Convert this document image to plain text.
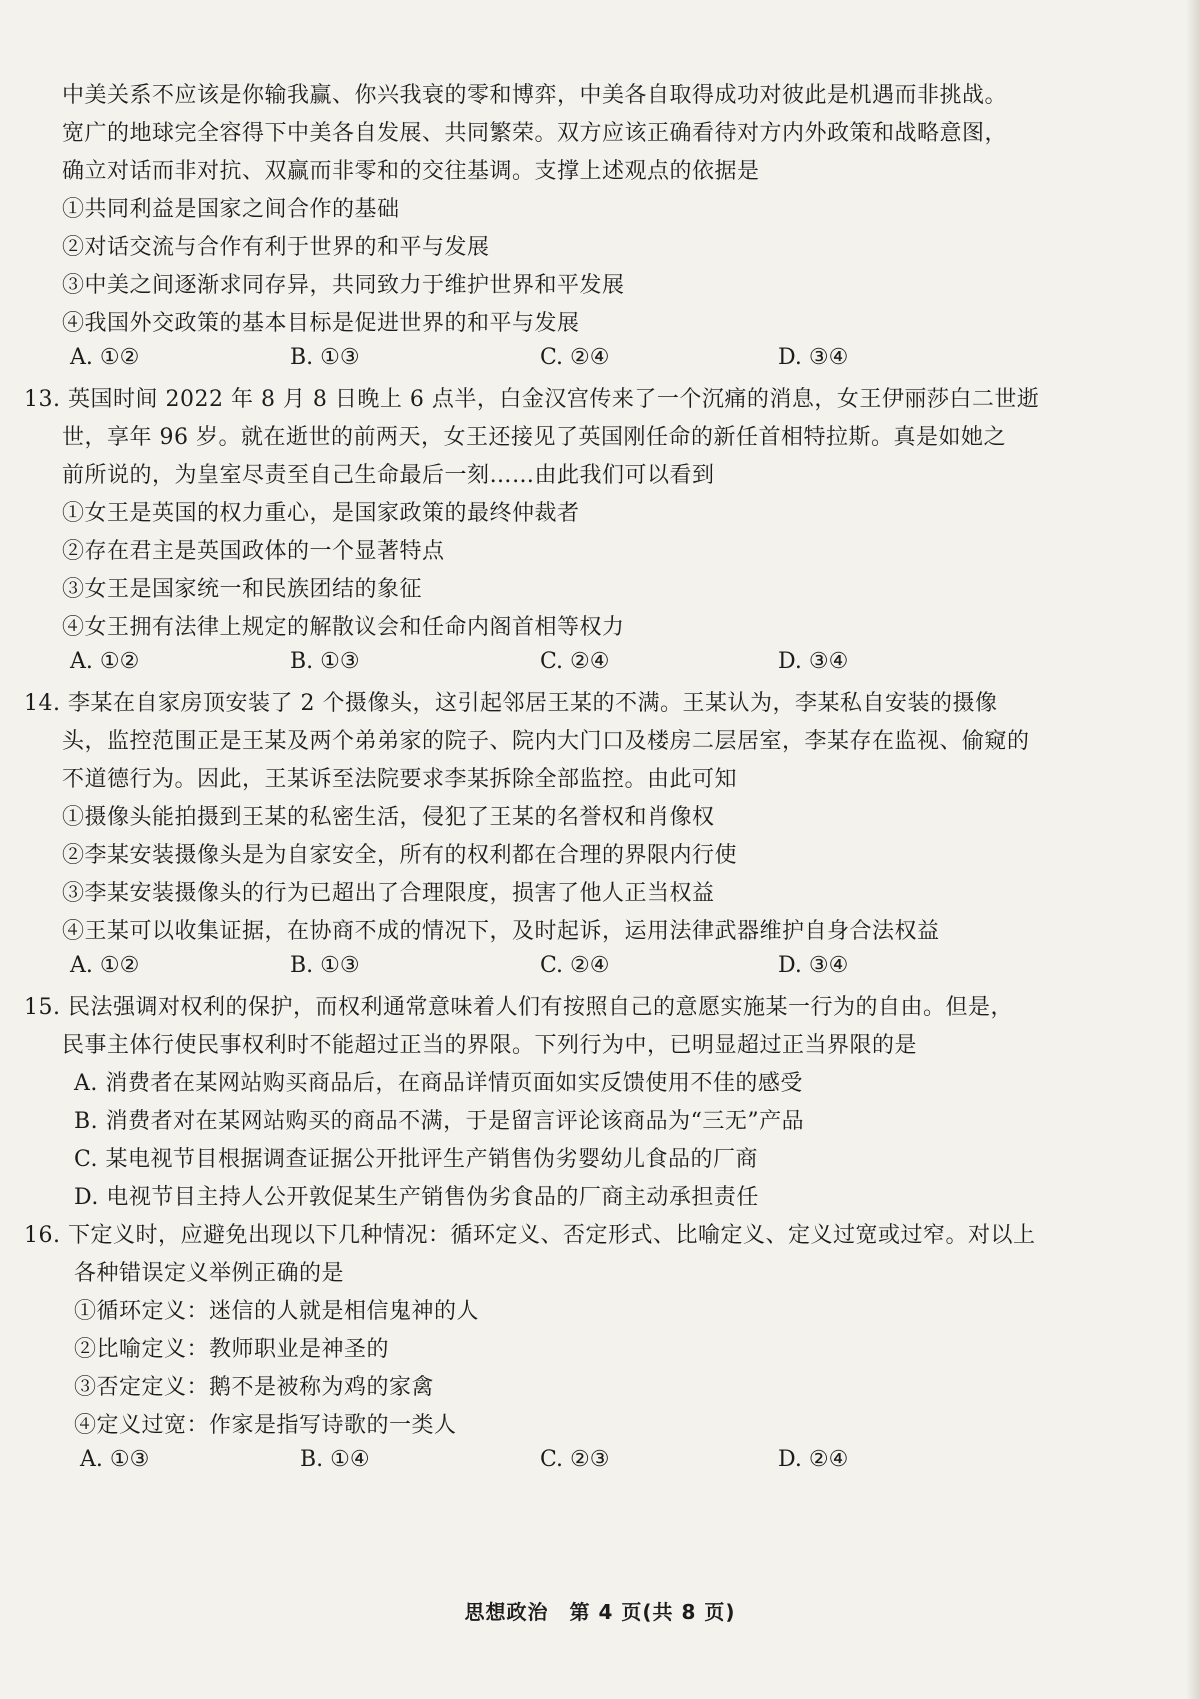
中美关系不应该是你输我赢、你兴我衰的零和博弈，中美各自取得成功对彼此是机遇而非挑战。
宽广的地球完全容得下中美各自发展、共同繁荣。双方应该正确看待对方内外政策和战略意图，
确立对话而非对抗、双赢而非零和的交往基调。支撑上述观点的依据是
①共同利益是国家之间合作的基础
②对话交流与合作有利于世界的和平与发展
③中美之间逐渐求同存异，共同致力于维护世界和平发展
④我国外交政策的基本目标是促进世界的和平与发展
A. ①②	B. ①③	C. ②④	D. ③④
13. 英国时间 2022 年 8 月 8 日晚上 6 点半，白金汉宫传来了一个沉痛的消息，女王伊丽莎白二世逝
世，享年 96 岁。就在逝世的前两天，女王还接见了英国刚任命的新任首相特拉斯。真是如她之
前所说的，为皇室尽责至自己生命最后一刻……由此我们可以看到
①女王是英国的权力重心，是国家政策的最终仲裁者
②存在君主是英国政体的一个显著特点
③女王是国家统一和民族团结的象征
④女王拥有法律上规定的解散议会和任命内阁首相等权力
A. ①②	B. ①③	C. ②④	D. ③④
14. 李某在自家房顶安装了 2 个摄像头，这引起邻居王某的不满。王某认为，李某私自安装的摄像
头，监控范围正是王某及两个弟弟家的院子、院内大门口及楼房二层居室，李某存在监视、偷窥的
不道德行为。因此，王某诉至法院要求李某拆除全部监控。由此可知
①摄像头能拍摄到王某的私密生活，侵犯了王某的名誉权和肖像权
②李某安装摄像头是为自家安全，所有的权利都在合理的界限内行使
③李某安装摄像头的行为已超出了合理限度，损害了他人正当权益
④王某可以收集证据，在协商不成的情况下，及时起诉，运用法律武器维护自身合法权益
A. ①②	B. ①③	C. ②④	D. ③④
15. 民法强调对权利的保护，而权利通常意味着人们有按照自己的意愿实施某一行为的自由。但是，
民事主体行使民事权利时不能超过正当的界限。下列行为中，已明显超过正当界限的是
A. 消费者在某网站购买商品后，在商品详情页面如实反馈使用不佳的感受
B. 消费者对在某网站购买的商品不满，于是留言评论该商品为“三无”产品
C. 某电视节目根据调查证据公开批评生产销售伪劣婴幼儿食品的厂商
D. 电视节目主持人公开敦促某生产销售伪劣食品的厂商主动承担责任
16. 下定义时，应避免出现以下几种情况：循环定义、否定形式、比喻定义、定义过宽或过窄。对以上
各种错误定义举例正确的是
①循环定义：迷信的人就是相信鬼神的人
②比喻定义：教师职业是神圣的
③否定定义：鹅不是被称为鸡的家禽
④定义过宽：作家是指写诗歌的一类人
A. ①③	B. ①④	C. ②③	D. ②④
思想政治　第 4 页(共 8 页)
